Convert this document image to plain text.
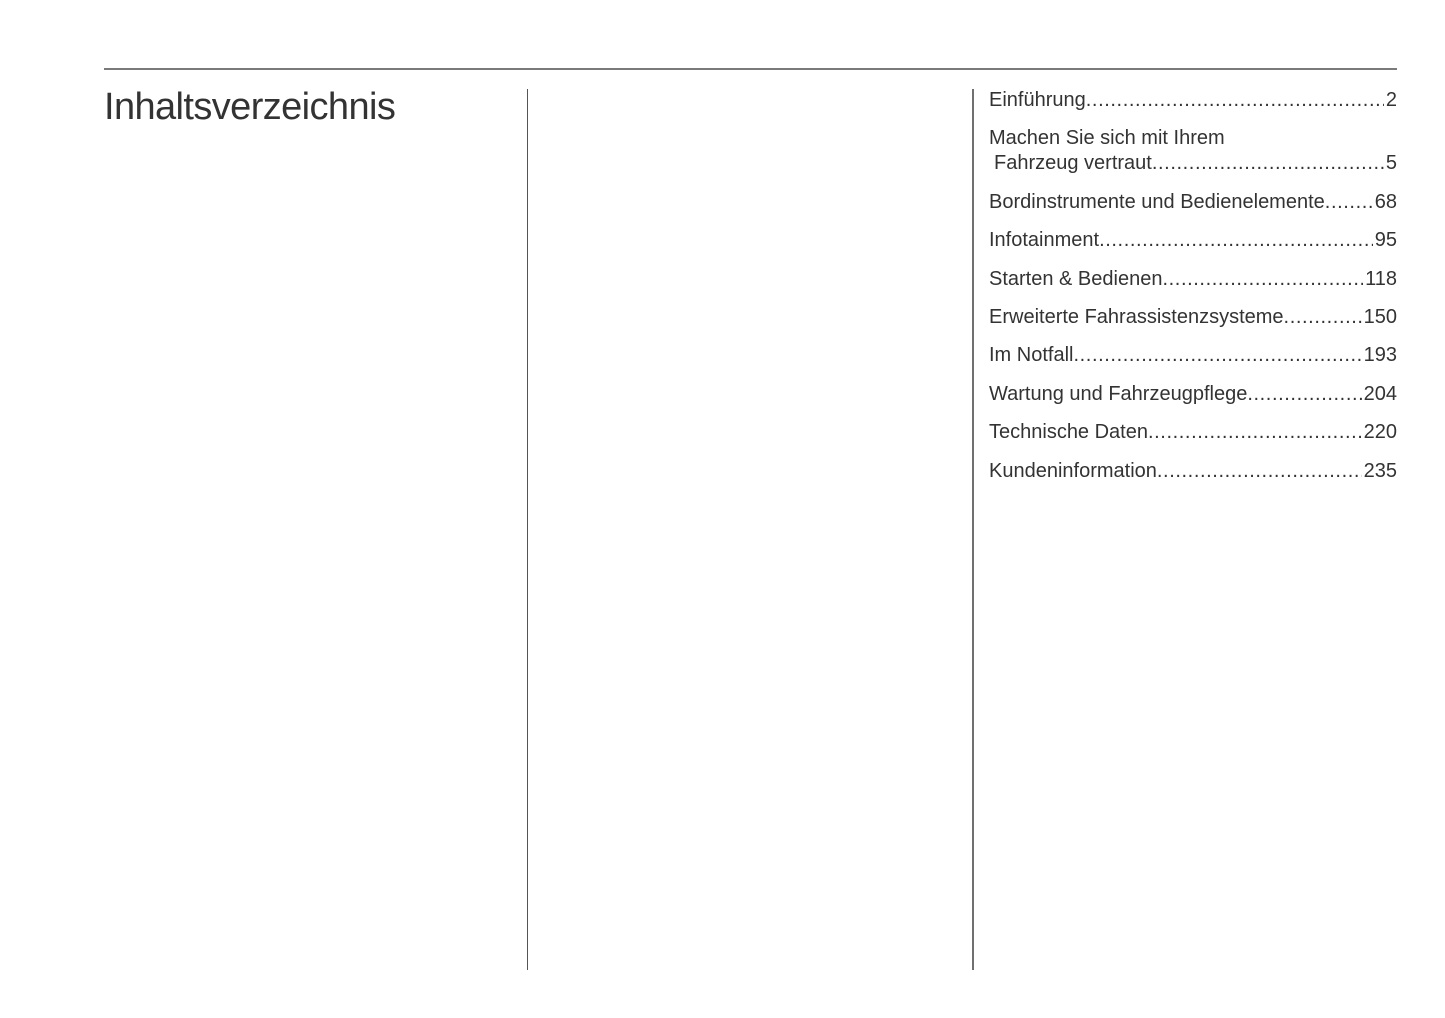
Inhaltsverzeichnis	Einführung .....	2
Machen Sie sich mit Ihrem
Fahrzeug vertraut .....	5
Bordinstrumente und Bedienelemente ..... 68
Infotainment .....	95
Starten & Bedienen .....	118
Erweiterte Fahrassistenzsysteme .....	150
Im Notfall .....	193
Wartung und Fahrzeugpflege .....	204
Technische Daten .....	220
Kundeninformation .....	235
